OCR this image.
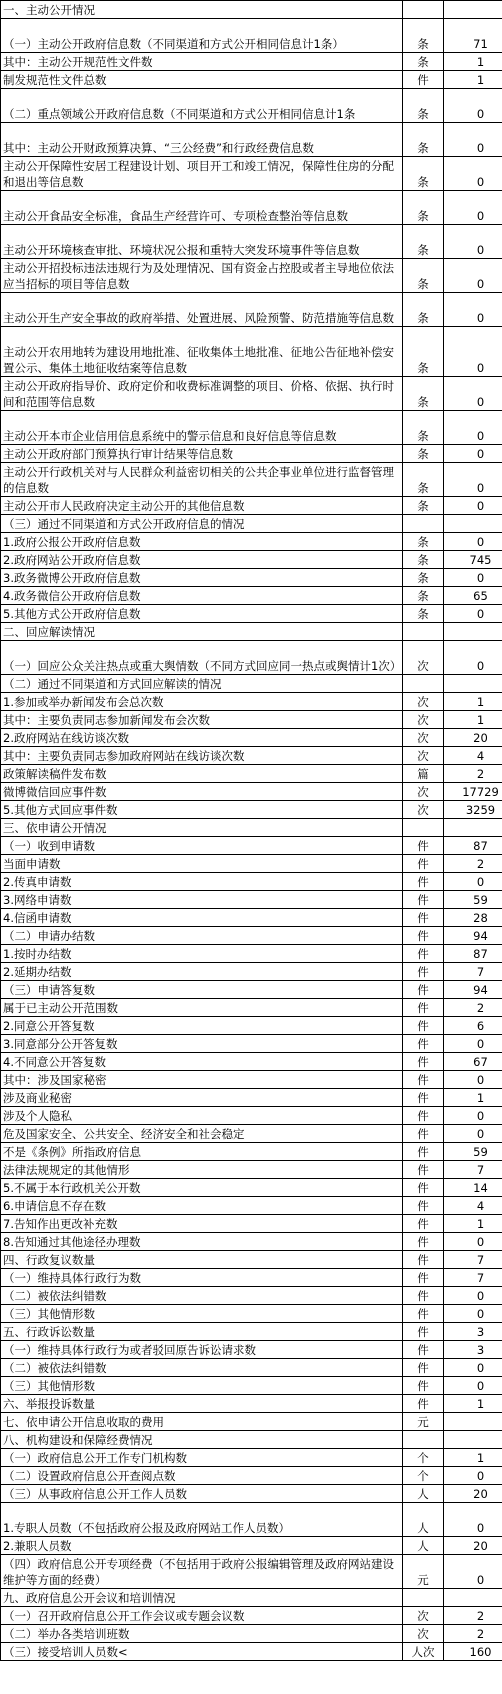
一、主动公开情况		
（一）主动公开政府信息数（不同渠道和方式公开相同信息计1条）	条	71
其中：主动公开规范性文件数	条	1
制发规范性文件总数	件	1
（二）重点领域公开政府信息数（不同渠道和方式公开相同信息计1条	条	0
其中：主动公开财政预算决算、“三公经费”和行政经费信息数	条	0
主动公开保障性安居工程建设计划、项目开工和竣工情况，保障性住房的分配和退出等信息数	条	0
主动公开食品安全标准，食品生产经营许可、专项检查整治等信息数	条	0
主动公开环境核查审批、环境状况公报和重特大突发环境事件等信息数	条	0
主动公开招投标违法违规行为及处理情况、国有资金占控股或者主导地位依法应当招标的项目等信息数	条	0
主动公开生产安全事故的政府举措、处置进展、风险预警、防范措施等信息数	条	0
主动公开农用地转为建设用地批准、征收集体土地批准、征地公告征地补偿安置公示、集体土地征收结案等信息数	条	0
主动公开政府指导价、政府定价和收费标准调整的项目、价格、依据、执行时间和范围等信息数	条	0
主动公开本市企业信用信息系统中的警示信息和良好信息等信息数	条	0
主动公开政府部门预算执行审计结果等信息数	条	0
主动公开行政机关对与人民群众利益密切相关的公共企事业单位进行监督管理的信息数	条	0
主动公开市人民政府决定主动公开的其他信息数	条	0
（三）通过不同渠道和方式公开政府信息的情况		
1.政府公报公开政府信息数	条	0
2.政府网站公开政府信息数	条	745
3.政务微博公开政府信息数	条	0
4.政务微信公开政府信息数	条	65
5.其他方式公开政府信息数	条	0
二、回应解读情况		
（一）回应公众关注热点或重大舆情数（不同方式回应同一热点或舆情计1次）	次	0
（二）通过不同渠道和方式回应解读的情况		
1.参加或举办新闻发布会总次数	次	1
其中：主要负责同志参加新闻发布会次数	次	1
2.政府网站在线访谈次数	次	20
其中：主要负责同志参加政府网站在线访谈次数	次	4
政策解读稿件发布数	篇	2
微博微信回应事件数	次	17729
5.其他方式回应事件数	次	3259
三、依申请公开情况		
（一）收到申请数	件	87
当面申请数	件	2
2.传真申请数	件	0
3.网络申请数	件	59
4.信函申请数	件	28
（二）申请办结数	件	94
1.按时办结数	件	87
2.延期办结数	件	7
（三）申请答复数	件	94
属于已主动公开范围数	件	2
2.同意公开答复数	件	6
3.同意部分公开答复数	件	0
4.不同意公开答复数	件	67
其中：涉及国家秘密	件	0
涉及商业秘密	件	1
涉及个人隐私	件	0
危及国家安全、公共安全、经济安全和社会稳定	件	0
不是《条例》所指政府信息	件	59
法律法规规定的其他情形	件	7
5.不属于本行政机关公开数	件	14
6.申请信息不存在数	件	4
7.告知作出更改补充数	件	1
8.告知通过其他途径办理数	件	0
四、行政复议数量	件	7
（一）维持具体行政行为数	件	7
（二）被依法纠错数	件	0
（三）其他情形数	件	0
五、行政诉讼数量	件	3
（一）维持具体行政行为或者驳回原告诉讼请求数	件	3
（二）被依法纠错数	件	0
（三）其他情形数	件	0
六、举报投诉数量	件	1
七、依申请公开信息收取的费用	元	
八、机构建设和保障经费情况		
（一）政府信息公开工作专门机构数	个	1
（二）设置政府信息公开查阅点数	个	0
（三）从事政府信息公开工作人员数	人	20
1.专职人员数（不包括政府公报及政府网站工作人员数）	人	0
2.兼职人员数	人	20
（四）政府信息公开专项经费（不包括用于政府公报编辑管理及政府网站建设维护等方面的经费）	元	0
九、政府信息公开会议和培训情况		
（一）召开政府信息公开工作会议或专题会议数	次	2
（二）举办各类培训班数	次	2
（三）接受培训人员数<	人次	160
